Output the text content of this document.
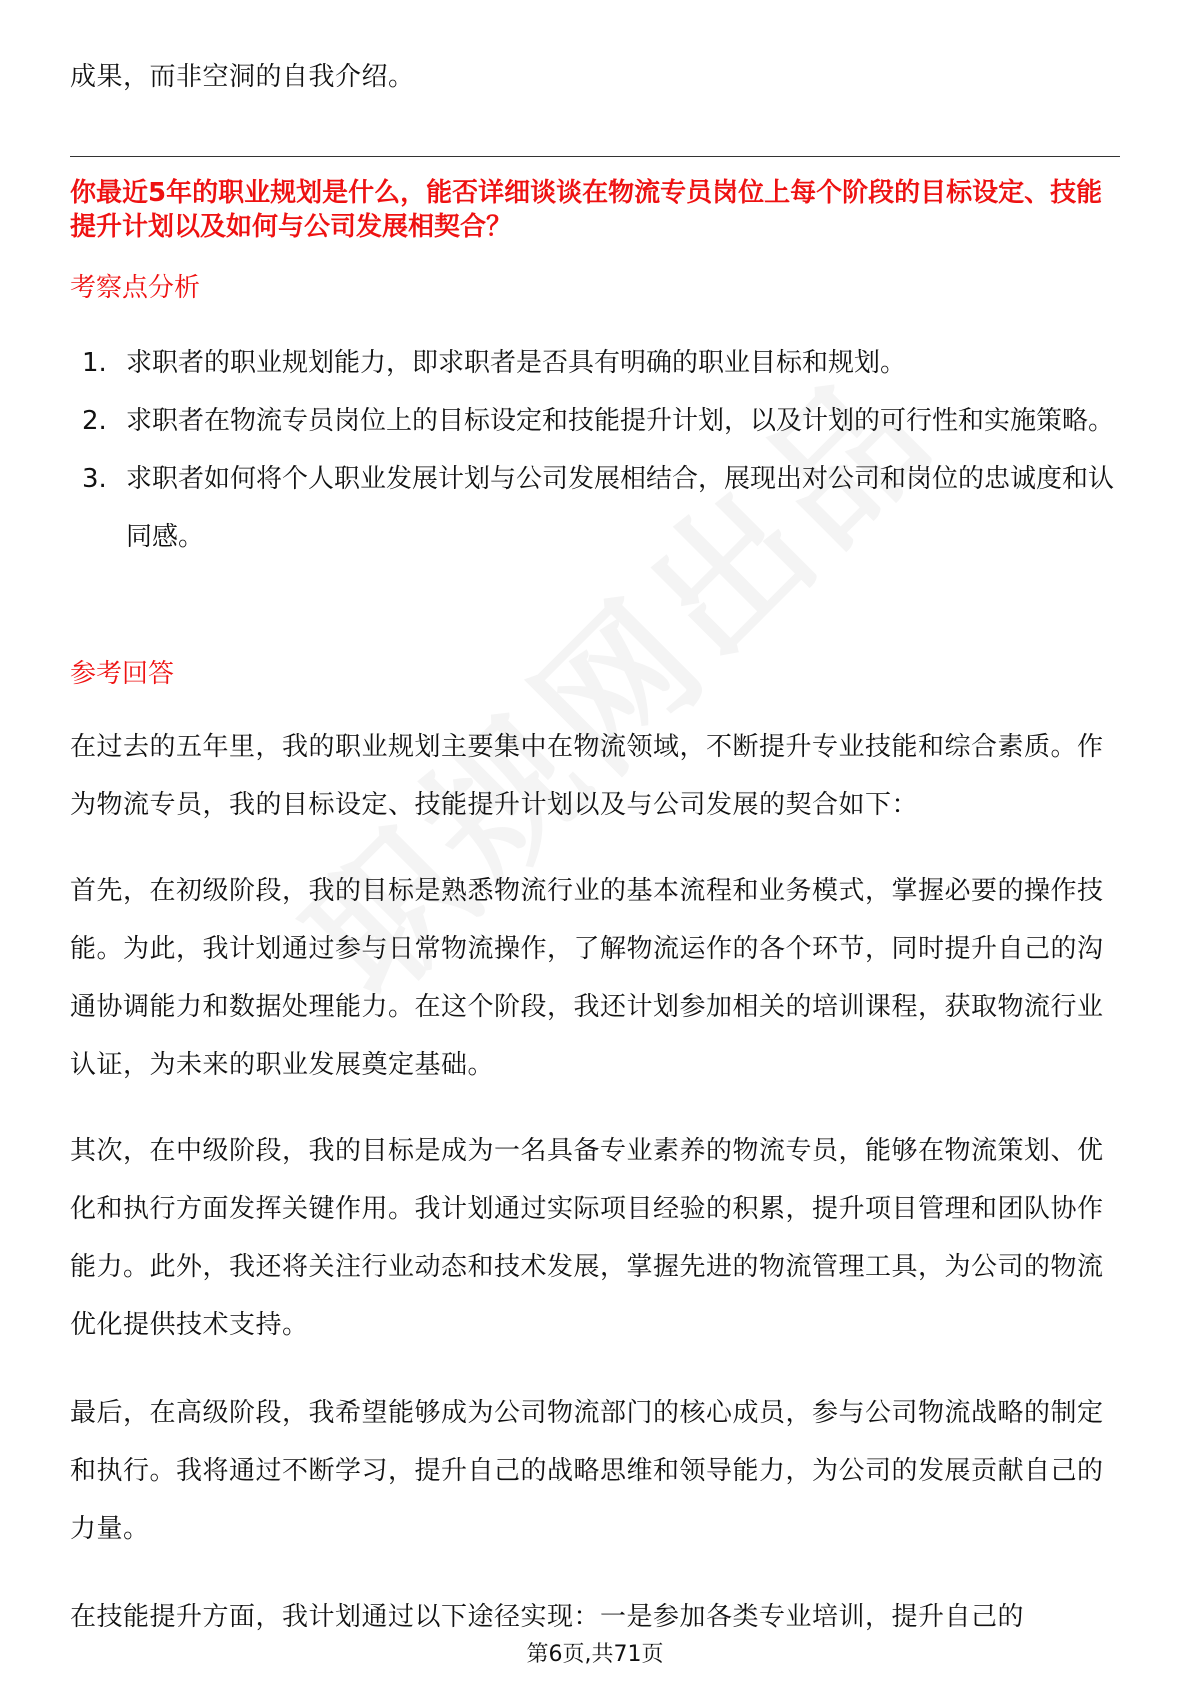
成果，而非空洞的自我介绍。

你最近5年的职业规划是什么，能否详细谈谈在物流专员岗位上每个阶段的目标设定、技能提升计划以及如何与公司发展相契合？

考察点分析

1. 求职者的职业规划能力，即求职者是否具有明确的职业目标和规划。
2. 求职者在物流专员岗位上的目标设定和技能提升计划，以及计划的可行性和实施策略。
3. 求职者如何将个人职业发展计划与公司发展相结合，展现出对公司和岗位的忠诚度和认同感。

参考回答

在过去的五年里，我的职业规划主要集中在物流领域，不断提升专业技能和综合素质。作为物流专员，我的目标设定、技能提升计划以及与公司发展的契合如下：

首先，在初级阶段，我的目标是熟悉物流行业的基本流程和业务模式，掌握必要的操作技能。为此，我计划通过参与日常物流操作，了解物流运作的各个环节，同时提升自己的沟通协调能力和数据处理能力。在这个阶段，我还计划参加相关的培训课程，获取物流行业认证，为未来的职业发展奠定基础。

其次，在中级阶段，我的目标是成为一名具备专业素养的物流专员，能够在物流策划、优化和执行方面发挥关键作用。我计划通过实际项目经验的积累，提升项目管理和团队协作能力。此外，我还将关注行业动态和技术发展，掌握先进的物流管理工具，为公司的物流优化提供技术支持。

最后，在高级阶段，我希望能够成为公司物流部门的核心成员，参与公司物流战略的制定和执行。我将通过不断学习，提升自己的战略思维和领导能力，为公司的发展贡献自己的力量。

在技能提升方面，我计划通过以下途径实现：一是参加各类专业培训，提升自己的

第6页,共71页
